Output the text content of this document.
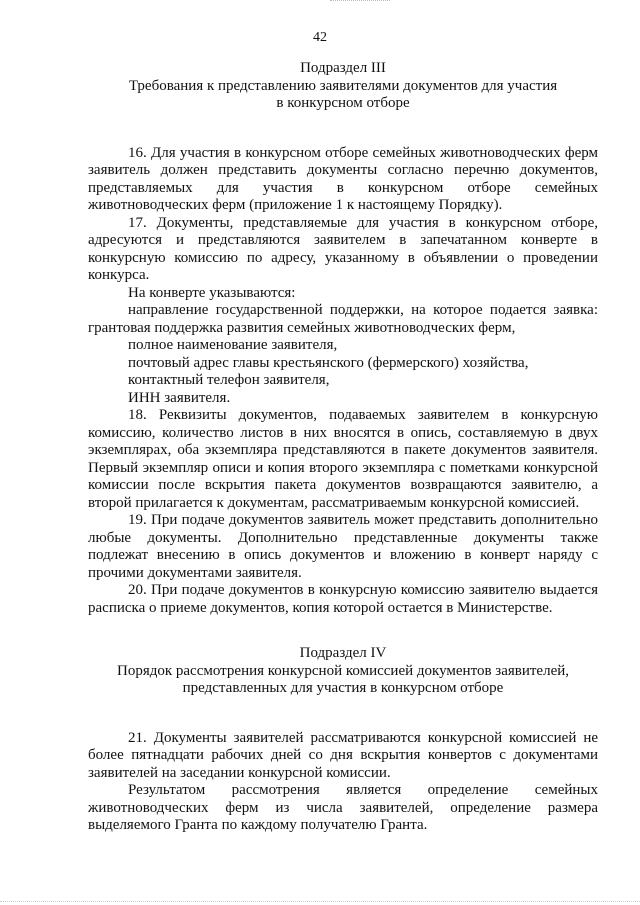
42

Подраздел III

Требования к представлению заявителями документов для участия

в конкурсном отборе

16. Для участия в конкурсном отборе семейных животноводческих ферм заявитель должен представить документы согласно перечню документов, представляемых для участия в конкурсном отборе семейных животноводческих ферм (приложение 1 к настоящему Порядку).

17. Документы, представляемые для участия в конкурсном отборе, адресуются и представляются заявителем в запечатанном конверте в конкурсную комиссию по адресу, указанному в объявлении о проведении конкурса.

На конверте указываются:

направление государственной поддержки, на которое подается заявка: грантовая поддержка развития семейных животноводческих ферм,

полное наименование заявителя,

почтовый адрес главы крестьянского (фермерского) хозяйства,

контактный телефон заявителя,

ИНН заявителя.

18. Реквизиты документов, подаваемых заявителем в конкурсную комиссию, количество листов в них вносятся в опись, составляемую в двух экземплярах, оба экземпляра представляются в пакете документов заявителя. Первый экземпляр описи и копия второго экземпляра с пометками конкурсной комиссии после вскрытия пакета документов возвращаются заявителю, а второй прилагается к документам, рассматриваемым конкурсной комиссией.

19. При подаче документов заявитель может представить дополнительно любые документы. Дополнительно представленные документы также подлежат внесению в опись документов и вложению в конверт наряду с прочими документами заявителя.

20. При подаче документов в конкурсную комиссию заявителю выдается расписка о приеме документов, копия которой остается в Министерстве.

Подраздел IV

Порядок рассмотрения конкурсной комиссией документов заявителей,

представленных для участия в конкурсном отборе

21. Документы заявителей рассматриваются конкурсной комиссией не более пятнадцати рабочих дней со дня вскрытия конвертов с документами заявителей на заседании конкурсной комиссии.

Результатом рассмотрения является определение семейных животноводческих ферм из числа заявителей, определение размера выделяемого Гранта по каждому получателю Гранта.
